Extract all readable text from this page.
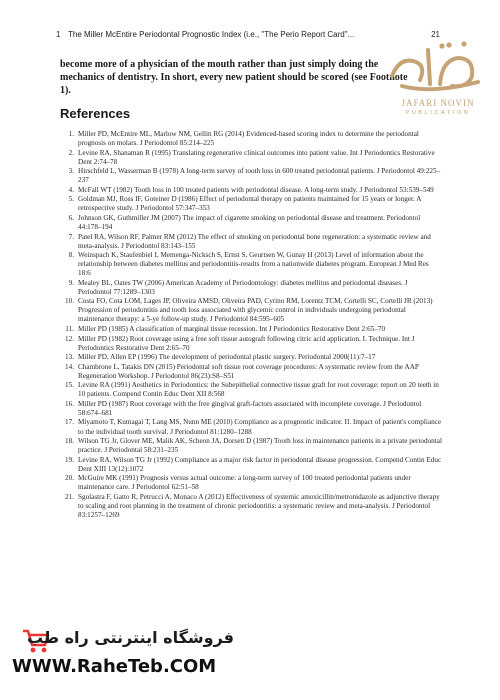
1 The Miller McEntire Periodontal Prognostic Index (i.e., "The Perio Report Card"...	21
become more of a physician of the mouth rather than just simply doing the mechanics of dentistry. In short, every new patient should be scored (see Footnote 1).
References
1. Miller PD, McEntire ML, Marlow NM, Gellin RG (2014) Evidenced-based scoring index to determine the periodontal prognosis on molars. J Periodontol 85:214–225
2. Levine RA, Shanaman R (1995) Translating regenerative clinical outcomes into patient value. Int J Periodontics Restorative Dent 2:74–78
3. Hirschfeld L, Wasserman B (1978) A long-term survey of tooth loss in 600 treated periodontal patients. J Periodontol 49:225–237
4. McFall WT (1982) Tooth loss in 100 treated patients with periodontal disease. A long-term study. J Periodontol 53:539–549
5. Goldman MJ, Ross IF, Goteiner D (1986) Effect of periodontal therapy on patients maintained for 15 years or longer. A retrospective study. J Periodontol 57:347–353
6. Johnson GK, Guthmiller JM (2007) The impact of cigarette smoking on periodontal disease and treatment. Periodontol 44:178–194
7. Patel RA, Wilson RF, Palmer RM (2012) The effect of smoking on periodontal bone regeneration: a systematic review and meta-analysis. J Periodontol 83:143–155
8. Weinspach K, Staufenbiel I, Memenga-Nicksch S, Ernst S, Geurtsen W, Gunay H (2013) Level of information about the relationship between diabetes mellitus and periodontitis-results from a nationwide diabetes program. European J Med Res 18:6
9. Mealey BL, Oates TW (2006) American Academy of Periodontology: diabetes mellitus and periodontal diseases. J Periodontol 77:1289–1303
10. Costa FO, Cota LOM, Lages JP, Oliveira AMSD, Oliveira PAD, Cyrino RM, Lorentz TCM, Cortelli SC, Cortelli JR (2013) Progression of periodontitis and tooth loss associated with glycemic control in individuals undergoing periodontal maintenance therapy: a 5-ye follow-up study. J Periodontol 84:595–605
11. Miller PD (1985) A classification of marginal tissue recession. Int J Periodontics Restorative Dent 2:65–70
12. Miller PD (1982) Root coverage using a free soft tissue autograft following citric acid application. I. Technique. Int J Periodontics Restorative Dent 2:65–70
13. Miller PD, Allen EP (1996) The development of periodontal plastic surgery. Periodontal 2000(11):7–17
14. Chambrone L, Tatakis DN (2015) Periodontal soft tissue root coverage procedures: A systematic review from the AAP Regeneration Workshop. J Periodontol 86(23):S8–S51
15. Levine RA (1991) Aesthetics in Periodontics: the Subepithelial connective tissue graft for root coverage: report on 20 teeth in 10 patients. Compend Contin Educ Dent XII 8:568
16. Miller PD (1987) Root coverage with the free gingival graft-factors associated with incomplete coverage. J Periodontol 58:674–681
17. Miyamoto T, Kumagai T, Lang MS, Nunn ME (2010) Compliance as a prognostic indicator. II. Impact of patient's compliance to the individual tooth survival. J Periodontol 81:1280–1288
18. Wilson TG Jr, Glover ME, Malik AK, Scheon JA, Dorsett D (1987) Tooth loss in maintenance patients in a private periodontal practice. J Periodontal 58:231–235
19. Levine RA, Wilson TG Jr (1992) Compliance as a major risk factor in periodontal disease progression. Compend Contin Educ Dent XIII 13(12):1072
20. McGuire MK (1991) Prognosis versus actual outcome: a long-term survey of 100 treated periodontal patients under maintenance care. J Periodontol 62:51–58
21. Sgolastra F, Gatto R, Petrucci A, Monaco A (2012) Effectiveness of systemic amoxicillin/metronidazole as adjunctive therapy to scaling and root planning in the treatment of chronic periodontitis: a systematic review and meta-analysis. J Periodontol 83:1257–1269
JAFARI NOVIN
PUBLICATION
فروشگاه اینترنتی راه طب
WWW.RaheTeb.COM
